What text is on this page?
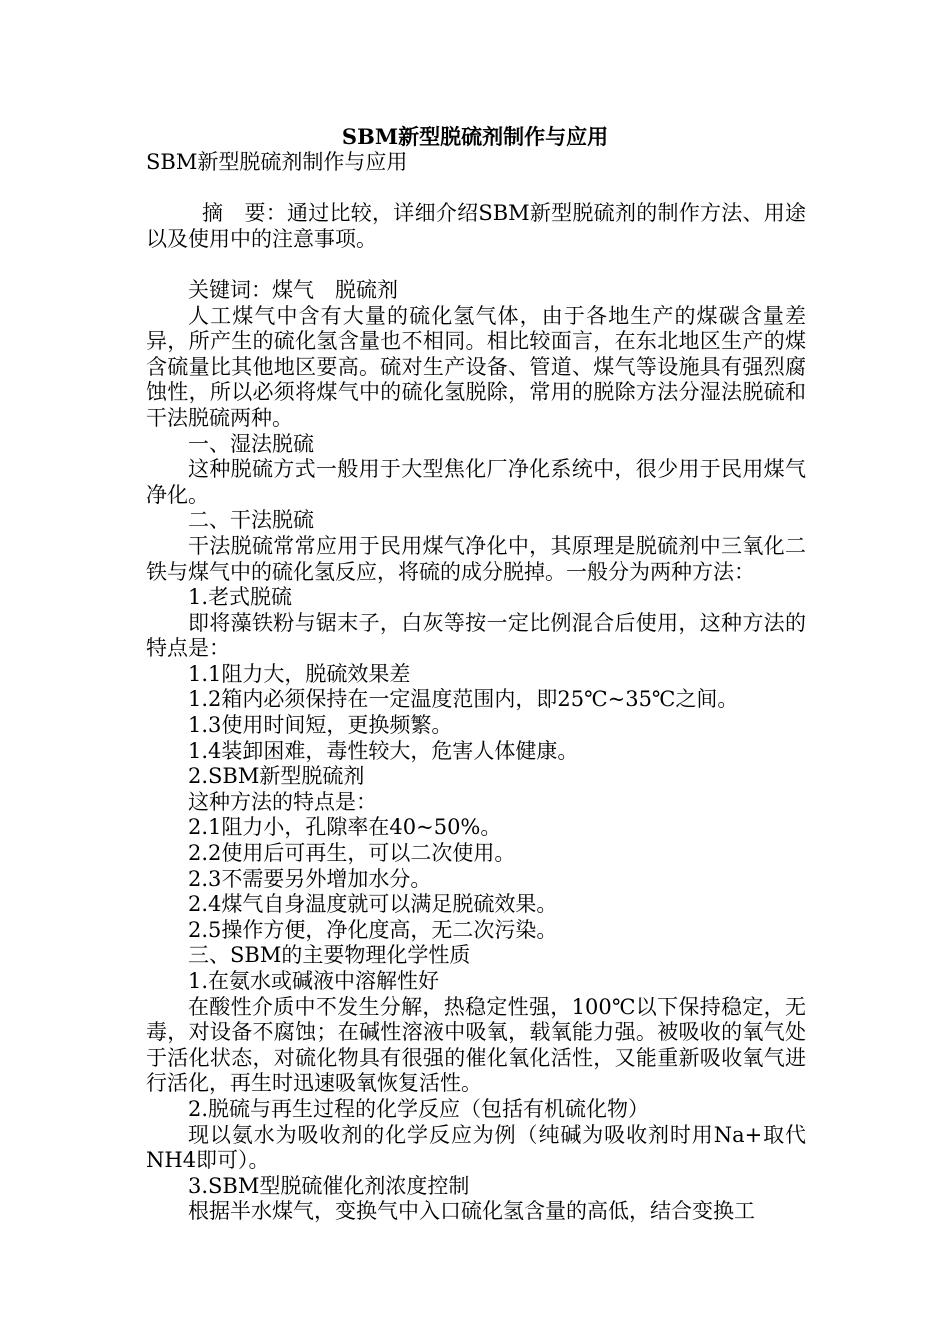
SBM新型脱硫剂制作与应用

SBM新型脱硫剂制作与应用

摘　要：通过比较，详细介绍SBM新型脱硫剂的制作方法、用途以及使用中的注意事项。

关键词：煤气　脱硫剂

人工煤气中含有大量的硫化氢气体，由于各地生产的煤碳含量差异，所产生的硫化氢含量也不相同。相比较面言，在东北地区生产的煤含硫量比其他地区要高。硫对生产设备、管道、煤气等设施具有强烈腐蚀性，所以必须将煤气中的硫化氢脱除，常用的脱除方法分湿法脱硫和干法脱硫两种。

一、湿法脱硫

这种脱硫方式一般用于大型焦化厂净化系统中，很少用于民用煤气净化。

二、干法脱硫

干法脱硫常常应用于民用煤气净化中，其原理是脱硫剂中三氧化二铁与煤气中的硫化氢反应，将硫的成分脱掉。一般分为两种方法：

1.老式脱硫

即将藻铁粉与锯末子，白灰等按一定比例混合后使用，这种方法的特点是：

1.1阻力大，脱硫效果差

1.2箱内必须保持在一定温度范围内，即25℃~35℃之间。

1.3使用时间短，更换频繁。

1.4装卸困难，毒性较大，危害人体健康。

2.SBM新型脱硫剂

这种方法的特点是：

2.1阻力小，孔隙率在40~50%。

2.2使用后可再生，可以二次使用。

2.3不需要另外增加水分。

2.4煤气自身温度就可以满足脱硫效果。

2.5操作方便，净化度高，无二次污染。

三、SBM的主要物理化学性质

1.在氨水或碱液中溶解性好

在酸性介质中不发生分解，热稳定性强，100℃以下保持稳定，无毒，对设备不腐蚀；在碱性溶液中吸氧，载氧能力强。被吸收的氧气处于活化状态，对硫化物具有很强的催化氧化活性，又能重新吸收氧气进行活化，再生时迅速吸氧恢复活性。

2.脱硫与再生过程的化学反应（包括有机硫化物）

现以氨水为吸收剂的化学反应为例（纯碱为吸收剂时用Na+取代NH4即可）。

3.SBM型脱硫催化剂浓度控制

根据半水煤气，变换气中入口硫化氢含量的高低，结合变换工
